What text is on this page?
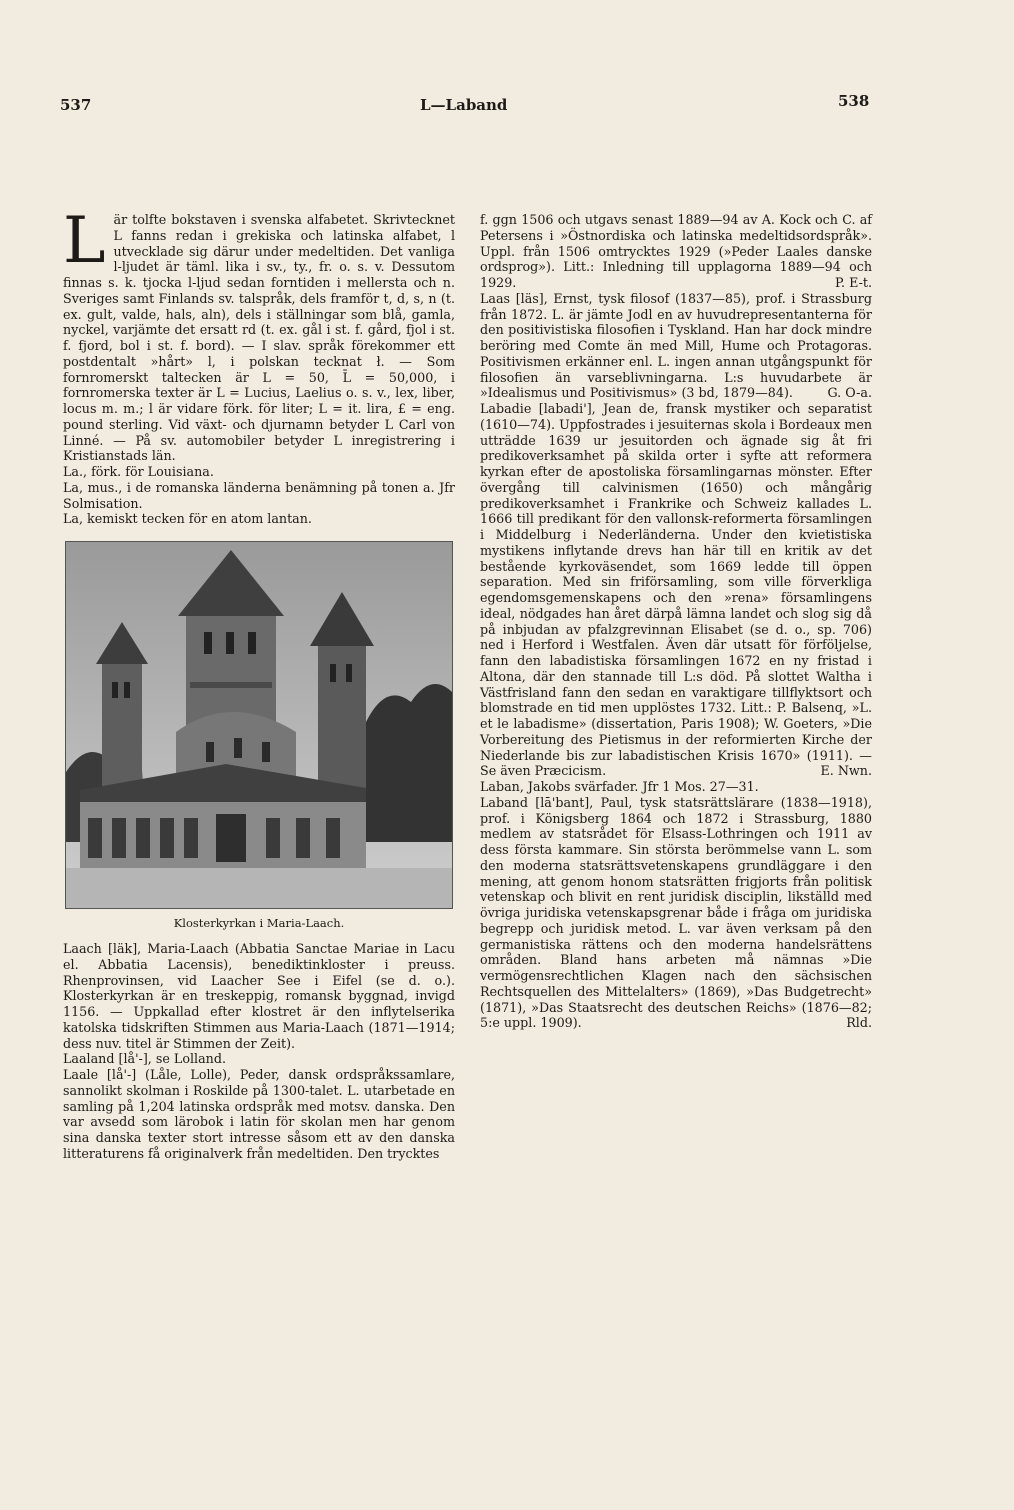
537	L—Laband	538

L är tolfte bokstaven i svenska alfabetet. Skrivtecknet L fanns redan i grekiska och latinska alfabet, l utvecklade sig därur under medeltiden. Det vanliga l-ljudet är täml. lika i sv., ty., fr. o. s. v. Dessutom finnas s. k. tjocka l-ljud sedan forntiden i mellersta och n. Sveriges samt Finlands sv. talspråk, dels framför t, d, s, n (t. ex. gult, valde, hals, aln), dels i ställningar som blå, gamla, nyckel, varjämte det ersatt rd (t. ex. gål i st. f. gård, fjol i st. f. fjord, bol i st. f. bord). — I slav. språk förekommer ett postdentalt »hårt» l, i polskan tecknat ł. — Som fornromerskt taltecken är L = 50, L̄ = 50,000, i fornromerska texter är L = Lucius, Laelius o. s. v., lex, liber, locus m. m.; l är vidare förk. för liter; L = it. lira, £ = eng. pound sterling. Vid växt- och djurnamn betyder L Carl von Linné. — På sv. automobiler betyder L inregistrering i Kristianstads län.

La., förk. för Louisiana.

La, mus., i de romanska länderna benämning på tonen a. Jfr Solmisation.

La, kemiskt tecken för en atom lantan.

Klosterkyrkan i Maria-Laach.

Laach [läk], Maria-Laach (Abbatia Sanctae Mariae in Lacu el. Abbatia Lacensis), benediktinkloster i preuss. Rhenprovinsen, vid Laacher See i Eifel (se d. o.). Klosterkyrkan är en treskeppig, romansk byggnad, invigd 1156. — Uppkallad efter klostret är den inflytelserika katolska tidskriften Stimmen aus Maria-Laach (1871—1914; dess nuv. titel är Stimmen der Zeit).

Laaland [lå'-], se Lolland.

Laale [lå'-] (Låle, Lolle), Peder, dansk ordspråkssamlare, sannolikt skolman i Roskilde på 1300-talet. L. utarbetade en samling på 1,204 latinska ordspråk med motsv. danska. Den var avsedd som lärobok i latin för skolan men har genom sina danska texter stort intresse såsom ett av den danska litteraturens få originalverk från medeltiden. Den trycktes

f. ggn 1506 och utgavs senast 1889—94 av A. Kock och C. af Petersens i »Östnordiska och latinska medeltidsordspråk». Uppl. från 1506 omtrycktes 1929 (»Peder Laales danske ordsprog»). Litt.: Inledning till upplagorna 1889—94 och 1929.	P. E-t.

Laas [läs], Ernst, tysk filosof (1837—85), prof. i Strassburg från 1872. L. är jämte Jodl en av huvudrepresentanterna för den positivistiska filosofien i Tyskland. Han har dock mindre beröring med Comte än med Mill, Hume och Protagoras. Positivismen erkänner enl. L. ingen annan utgångspunkt för filosofien än varseblivningarna. L:s huvudarbete är »Idealismus und Positivismus» (3 bd, 1879—84).	G. O-a.

Labadie [labadi'], Jean de, fransk mystiker och separatist (1610—74). Uppfostrades i jesuiternas skola i Bordeaux men utträdde 1639 ur jesuitorden och ägnade sig åt fri predikoverksamhet på skilda orter i syfte att reformera kyrkan efter de apostoliska församlingarnas mönster. Efter övergång till calvinismen (1650) och mångårig predikoverksamhet i Frankrike och Schweiz kallades L. 1666 till predikant för den vallonsk-reformerta församlingen i Middelburg i Nederländerna. Under den kvietistiska mystikens inflytande drevs han här till en kritik av det bestående kyrkoväsendet, som 1669 ledde till öppen separation. Med sin friförsamling, som ville förverkliga egendomsgemenskapens och den »rena» församlingens ideal, nödgades han året därpå lämna landet och slog sig då på inbjudan av pfalzgrevinnan Elisabet (se d. o., sp. 706) ned i Herford i Westfalen. Även där utsatt för förföljelse, fann den labadistiska församlingen 1672 en ny fristad i Altona, där den stannade till L:s död. På slottet Waltha i Västfrisland fann den sedan en varaktigare tillflyktsort och blomstrade en tid men upplöstes 1732. Litt.: P. Balsenq, »L. et le labadisme» (dissertation, Paris 1908); W. Goeters, »Die Vorbereitung des Pietismus in der reformierten Kirche der Niederlande bis zur labadistischen Krisis 1670» (1911). — Se även Præcicism.	E. Nwn.

Laban, Jakobs svärfader. Jfr 1 Mos. 27—31.

Laband [lā'bant], Paul, tysk statsrättslärare (1838—1918), prof. i Königsberg 1864 och 1872 i Strassburg, 1880 medlem av statsrådet för Elsass-Lothringen och 1911 av dess första kammare. Sin största berömmelse vann L. som den moderna statsrättsvetenskapens grundläggare i den mening, att genom honom statsrätten frigjorts från politisk vetenskap och blivit en rent juridisk disciplin, likställd med övriga juridiska vetenskapsgrenar både i fråga om juridiska begrepp och juridisk metod. L. var även verksam på den germanistiska rättens och den moderna handelsrättens områden. Bland hans arbeten må nämnas »Die vermögensrechtlichen Klagen nach den sächsischen Rechtsquellen des Mittelalters» (1869), »Das Budgetrecht» (1871), »Das Staatsrecht des deutschen Reichs» (1876—82; 5:e uppl. 1909).	Rld.
